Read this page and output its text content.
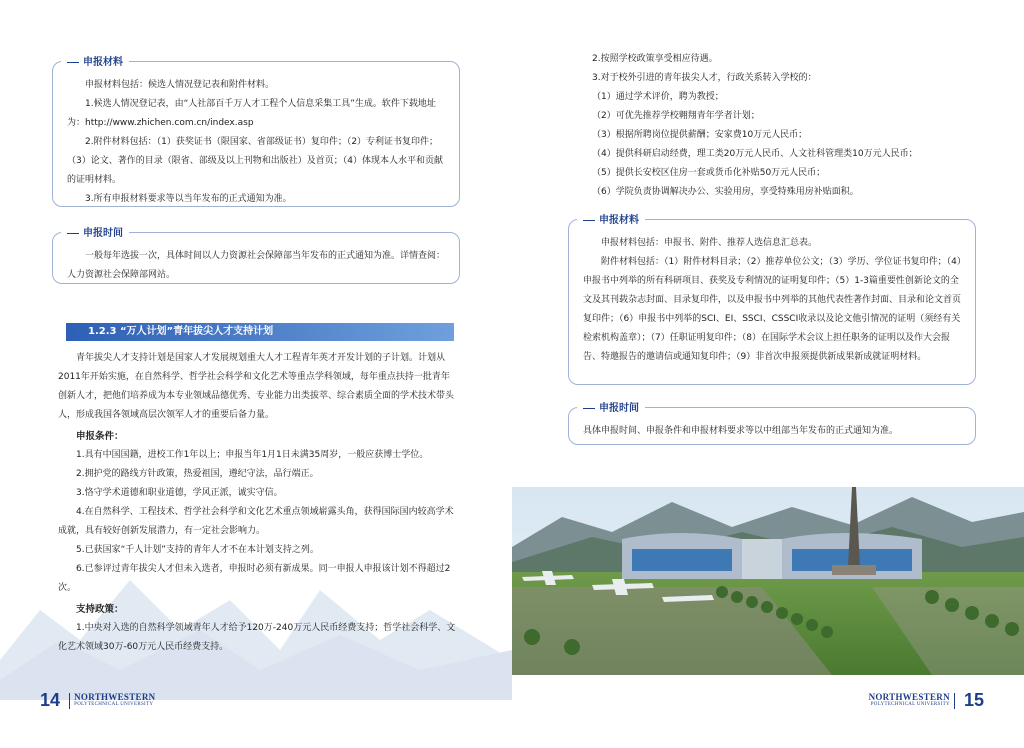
申报材料

申报材料包括：候选人情况登记表和附件材料。

1.候选人情况登记表，由“人社部百千万人才工程个人信息采集工具”生成。软件下载地址为：http://www.zhichen.com.cn/index.asp

2.附件材料包括：（1）获奖证书（限国家、省部级证书）复印件；（2）专利证书复印件；（3）论文、著作的目录（限省、部级及以上刊物和出版社）及首页；（4）体现本人水平和贡献的证明材料。

3.所有申报材料要求等以当年发布的正式通知为准。

申报时间

一般每年选拔一次，具体时间以人力资源社会保障部当年发布的正式通知为准。详情查阅：人力资源社会保障部网站。

1.2.3 “万人计划”青年拔尖人才支持计划

青年拔尖人才支持计划是国家人才发展规划重大人才工程青年英才开发计划的子计划。计划从2011年开始实施，在自然科学、哲学社会科学和文化艺术等重点学科领域，每年重点扶持一批青年创新人才，把他们培养成为本专业领域品德优秀、专业能力出类拔萃、综合素质全面的学术技术带头人，形成我国各领域高层次领军人才的重要后备力量。

申报条件：

1.具有中国国籍，进校工作1年以上；申报当年1月1日未满35周岁，一般应获博士学位。

2.拥护党的路线方针政策，热爱祖国，遵纪守法，品行端正。

3.恪守学术道德和职业道德，学风正派，诚实守信。

4.在自然科学、工程技术、哲学社会科学和文化艺术重点领域崭露头角，获得国际国内较高学术成就，具有较好创新发展潜力，有一定社会影响力。

5.已获国家“千人计划”支持的青年人才不在本计划支持之列。

6.已参评过青年拔尖人才但未入选者，申报时必须有新成果。同一申报人申报该计划不得超过2次。

支持政策：

1.中央对入选的自然科学领域青年人才给予120万-240万元人民币经费支持；哲学社会科学、文化艺术领域30万-60万元人民币经费支持。

14 NORTHWESTERN
POLYTECHNICAL UNIVERSITY

2.按照学校政策享受相应待遇。

3.对于校外引进的青年拔尖人才，行政关系转入学校的：

（1）通过学术评价，聘为教授；

（2）可优先推荐学校翱翔青年学者计划；

（3）根据所聘岗位提供薪酬；安家费10万元人民币；

（4）提供科研启动经费，理工类20万元人民币、人文社科管理类10万元人民币；

（5）提供长安校区住房一套或货币化补贴50万元人民币；

（6）学院负责协调解决办公、实验用房，享受特殊用房补贴面积。

申报材料

申报材料包括：申报书、附件、推荐人选信息汇总表。

附件材料包括：（1）附件材料目录；（2）推荐单位公文；（3）学历、学位证书复印件；（4）申报书中列举的所有科研项目、获奖及专利情况的证明复印件；（5）1-3篇重要性创新论文的全文及其刊载杂志封面、目录复印件，以及申报书中列举的其他代表性著作封面、目录和论文首页复印件；（6）申报书中列举的SCI、EI、SSCI、CSSCI收录以及论文他引情况的证明（须经有关检索机构盖章）；（7）任职证明复印件；（8）在国际学术会议上担任职务的证明以及作大会报告、特邀报告的邀请信或通知复印件；（9）非首次申报须提供新成果新成就证明材料。

申报时间

具体申报时间、申报条件和申报材料要求等以中组部当年发布的正式通知为准。

NORTHWESTERN
POLYTECHNICAL UNIVERSITY 15
